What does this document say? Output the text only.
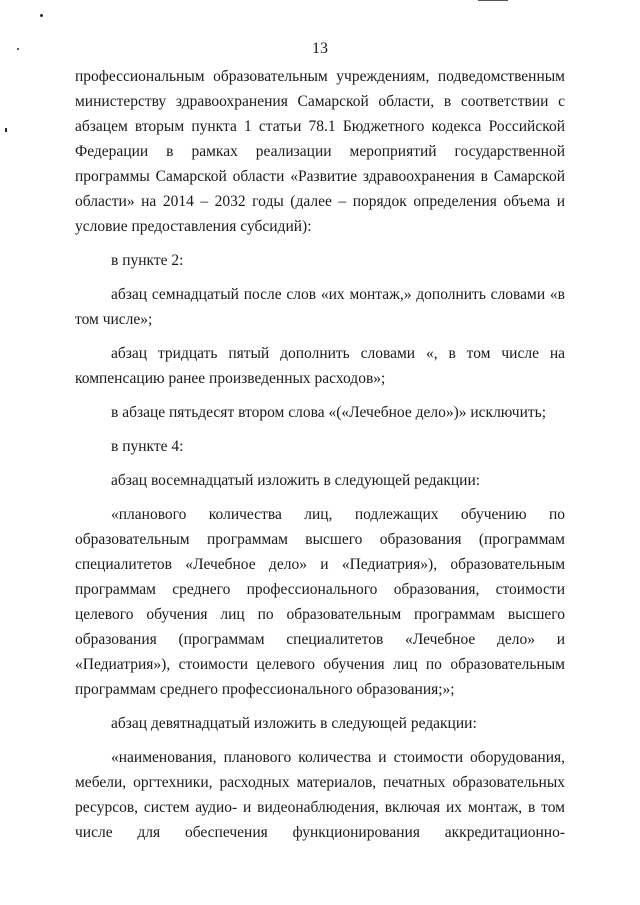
13

профессиональным образовательным учреждениям, подведомственным министерству здравоохранения Самарской области, в соответствии с абзацем вторым пункта 1 статьи 78.1 Бюджетного кодекса Российской Федерации в рамках реализации мероприятий государственной программы Самарской области «Развитие здравоохранения в Самарской области» на 2014 – 2032 годы (далее – порядок определения объема и условие предоставления субсидий):

в пункте 2:

абзац семнадцатый после слов «их монтаж,» дополнить словами «в том числе»;

абзац тридцать пятый дополнить словами «, в том числе на компенсацию ранее произведенных расходов»;

в абзаце пятьдесят втором слова «(«Лечебное дело»)» исключить;

в пункте 4:

абзац восемнадцатый изложить в следующей редакции:

«планового количества лиц, подлежащих обучению по образовательным программам высшего образования (программам специалитетов «Лечебное дело» и «Педиатрия»), образовательным программам среднего профессионального образования, стоимости целевого обучения лиц по образовательным программам высшего образования (программам специалитетов «Лечебное дело» и «Педиатрия»), стоимости целевого обучения лиц по образовательным программам среднего профессионального образования;»;

абзац девятнадцатый изложить в следующей редакции:

«наименования, планового количества и стоимости оборудования, мебели, оргтехники, расходных материалов, печатных образовательных ресурсов, систем аудио- и видеонаблюдения, включая их монтаж, в том числе для обеспечения функционирования аккредитационно-
